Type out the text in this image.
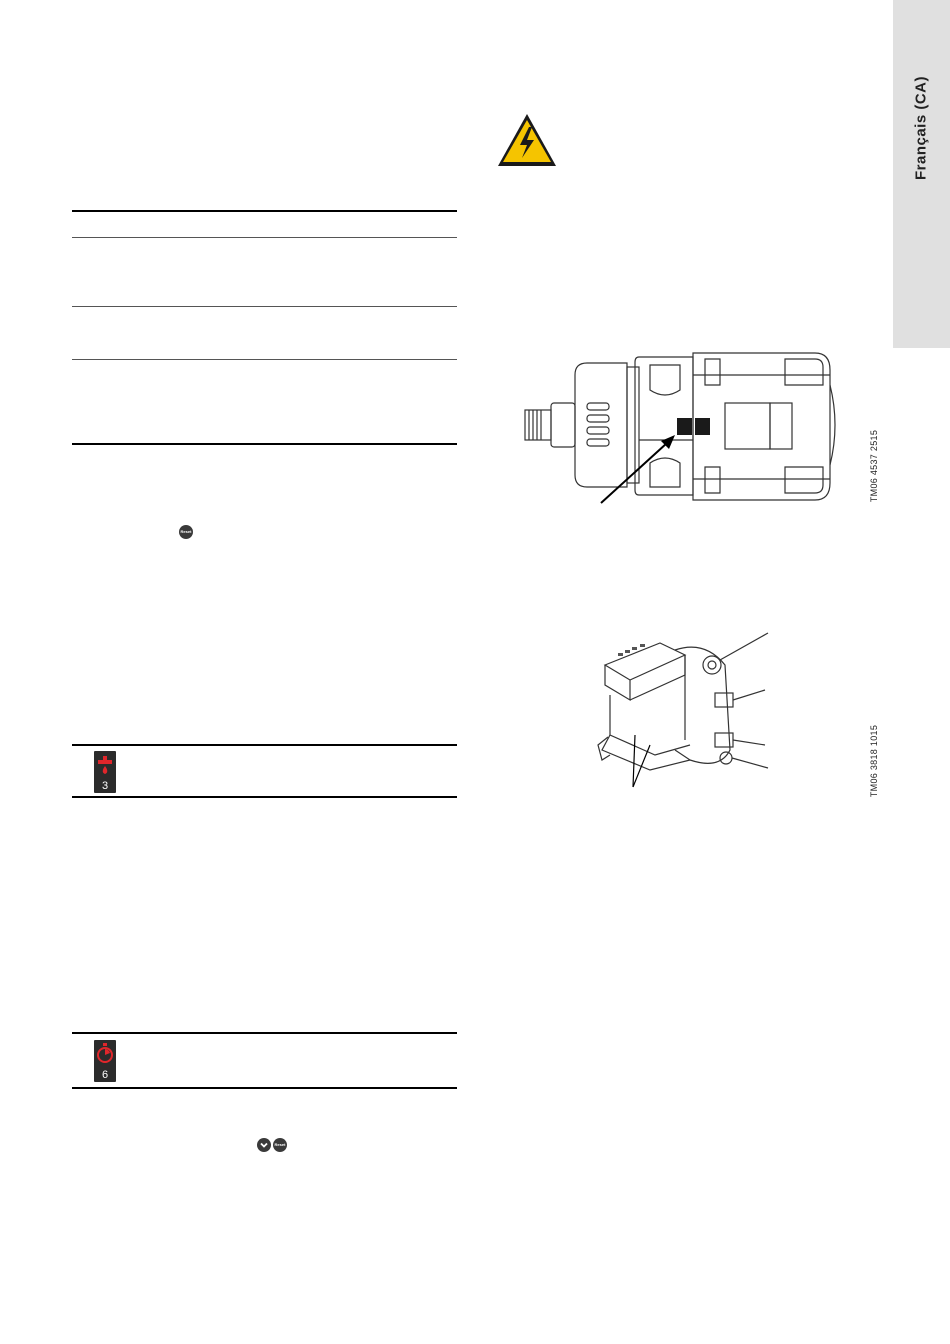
Français (CA)
Reset
3
6
Reset
TM06 4537 2515
TM06 3818 1015
